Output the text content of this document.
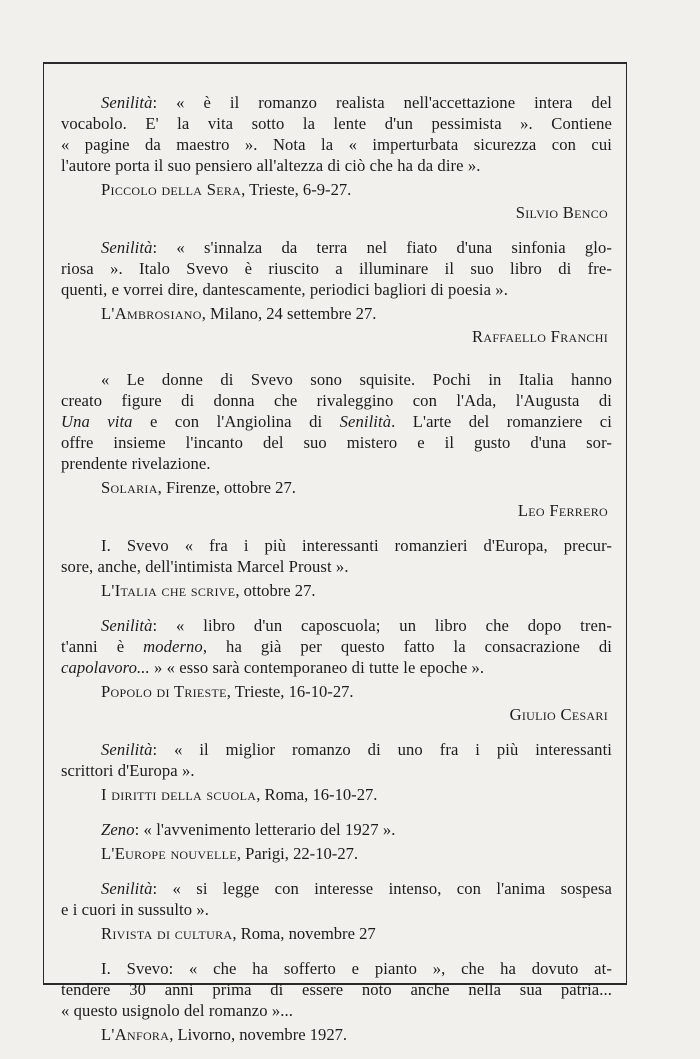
Senilità: « è il romanzo realista nell'accettazione intera del
vocabolo. E' la vita sotto la lente d'un pessimista ». Contiene
« pagine da maestro ». Nota la « imperturbata sicurezza con cui
l'autore porta il suo pensiero all'altezza di ciò che ha da dire ».
Piccolo della Sera, Trieste, 6-9-27.
Silvio Benco
Senilità: « s'innalza da terra nel fiato d'una sinfonia glo-
riosa ». Italo Svevo è riuscito a illuminare il suo libro di fre-
quenti, e vorrei dire, dantescamente, periodici bagliori di poesia ».
L'Ambrosiano, Milano, 24 settembre 27.
Raffaello Franchi
« Le donne di Svevo sono squisite. Pochi in Italia hanno
creato figure di donna che rivaleggino con l'Ada, l'Augusta di
Una vita e con l'Angiolina di Senilità. L'arte del romanziere ci
offre insieme l'incanto del suo mistero e il gusto d'una sor-
prendente rivelazione.
Solaria, Firenze, ottobre 27.
Leo Ferrero
I. Svevo « fra i più interessanti romanzieri d'Europa, precur-
sore, anche, dell'intimista Marcel Proust ».
L'Italia che scrive, ottobre 27.
Senilità: « libro d'un caposcuola; un libro che dopo tren-
t'anni è moderno, ha già per questo fatto la consacrazione di
capolavoro... » « esso sarà contemporaneo di tutte le epoche ».
Popolo di Trieste, Trieste, 16-10-27.
Giulio Cesari
Senilità: « il miglior romanzo di uno fra i più interessanti
scrittori d'Europa ».
I diritti della scuola, Roma, 16-10-27.
Zeno: « l'avvenimento letterario del 1927 ».
L'Europe nouvelle, Parigi, 22-10-27.
Senilità: « si legge con interesse intenso, con l'anima sospesa
e i cuori in sussulto ».
Rivista di cultura, Roma, novembre 27
I. Svevo: « che ha sofferto e pianto », che ha dovuto at-
tendere 30 anni prima di essere noto anche nella sua patria...
« questo usignolo del romanzo »...
L'Anfora, Livorno, novembre 1927.
